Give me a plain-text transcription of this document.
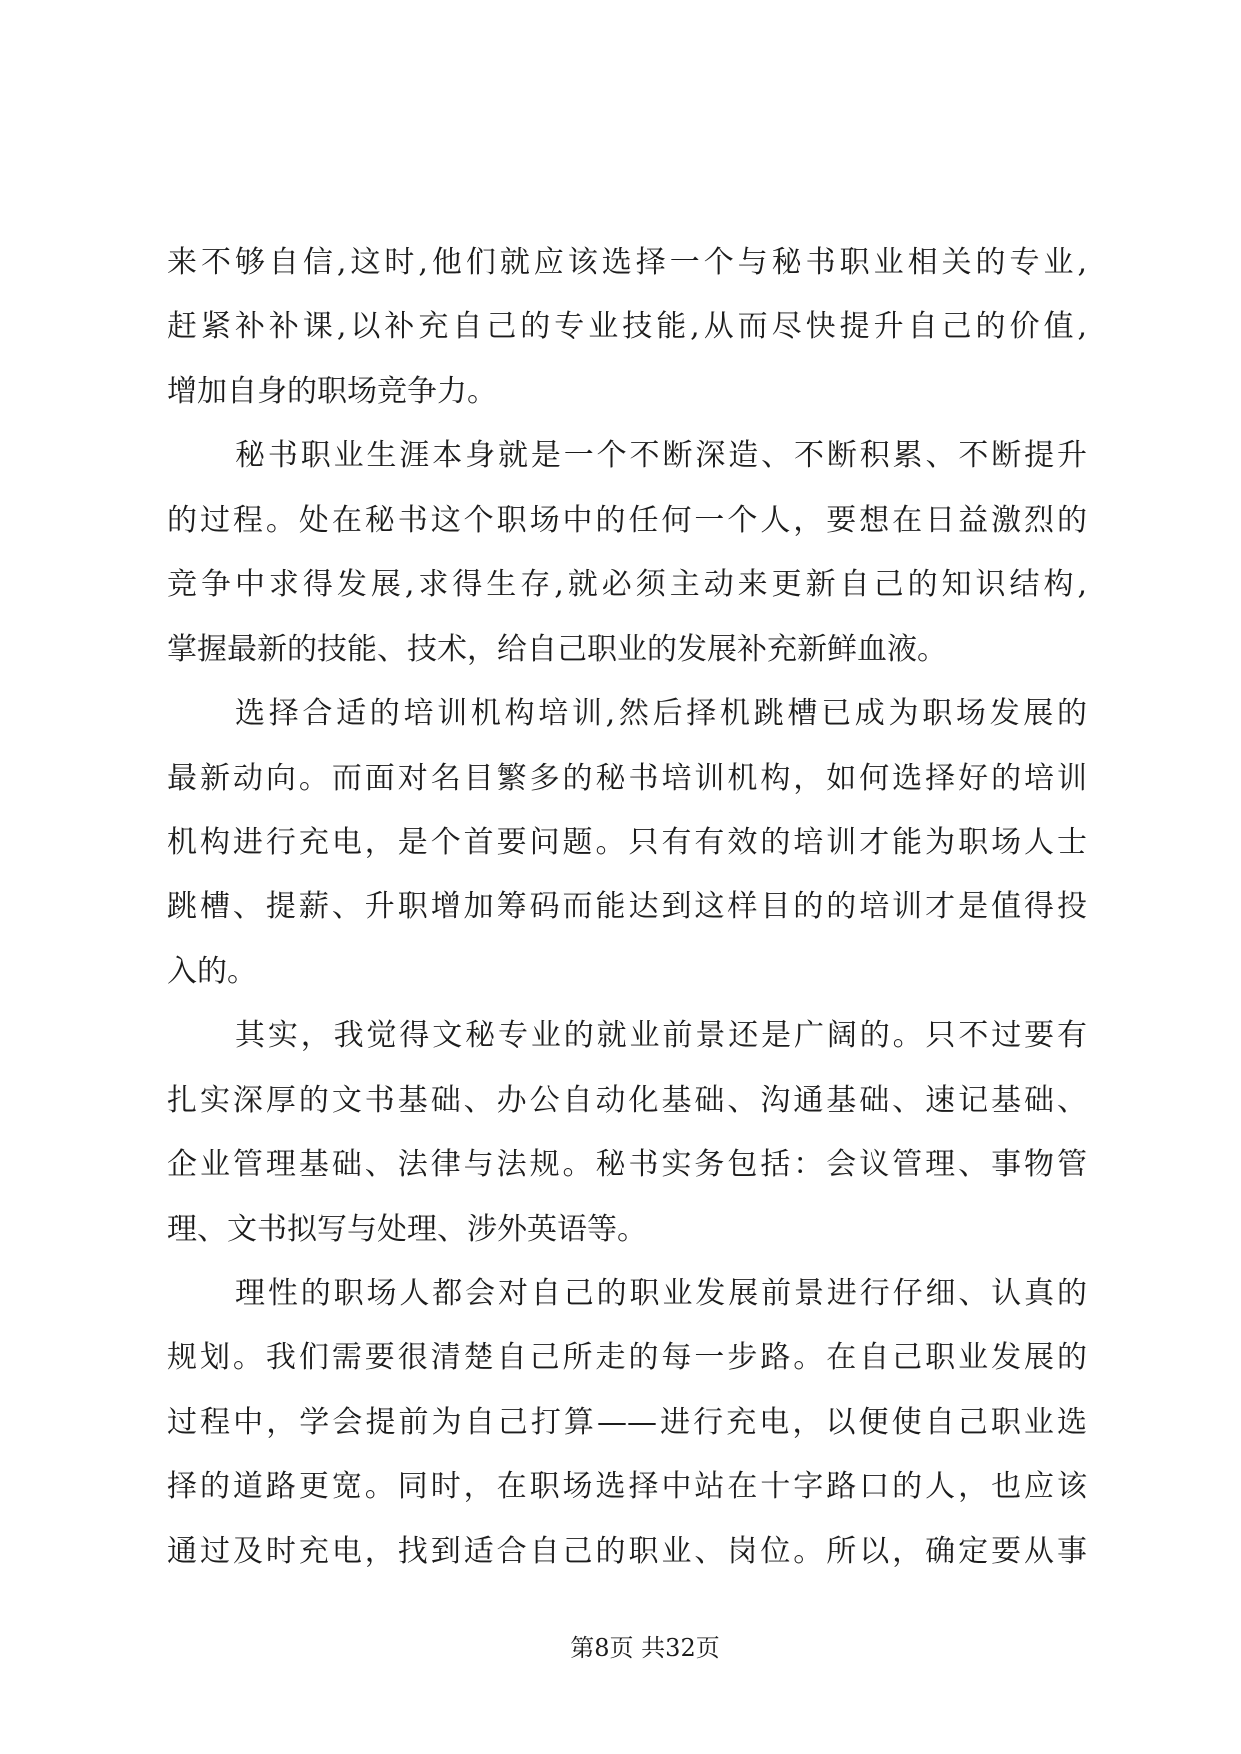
来不够自信,这时,他们就应该选择一个与秘书职业相关的专业,
赶紧补补课,以补充自己的专业技能,从而尽快提升自己的价值,
增加自身的职场竞争力。
秘书职业生涯本身就是一个不断深造、不断积累、不断提升
的过程。处在秘书这个职场中的任何一个人，要想在日益激烈的
竞争中求得发展,求得生存,就必须主动来更新自己的知识结构,
掌握最新的技能、技术，给自己职业的发展补充新鲜血液。
选择合适的培训机构培训,然后择机跳槽已成为职场发展的
最新动向。而面对名目繁多的秘书培训机构，如何选择好的培训
机构进行充电，是个首要问题。只有有效的培训才能为职场人士
跳槽、提薪、升职增加筹码而能达到这样目的的培训才是值得投
入的。
其实，我觉得文秘专业的就业前景还是广阔的。只不过要有
扎实深厚的文书基础、办公自动化基础、沟通基础、速记基础、
企业管理基础、法律与法规。秘书实务包括：会议管理、事物管
理、文书拟写与处理、涉外英语等。
理性的职场人都会对自己的职业发展前景进行仔细、认真的
规划。我们需要很清楚自己所走的每一步路。在自己职业发展的
过程中，学会提前为自己打算——进行充电，以便使自己职业选
择的道路更宽。同时，在职场选择中站在十字路口的人，也应该
通过及时充电，找到适合自己的职业、岗位。所以，确定要从事
第8页 共32页
